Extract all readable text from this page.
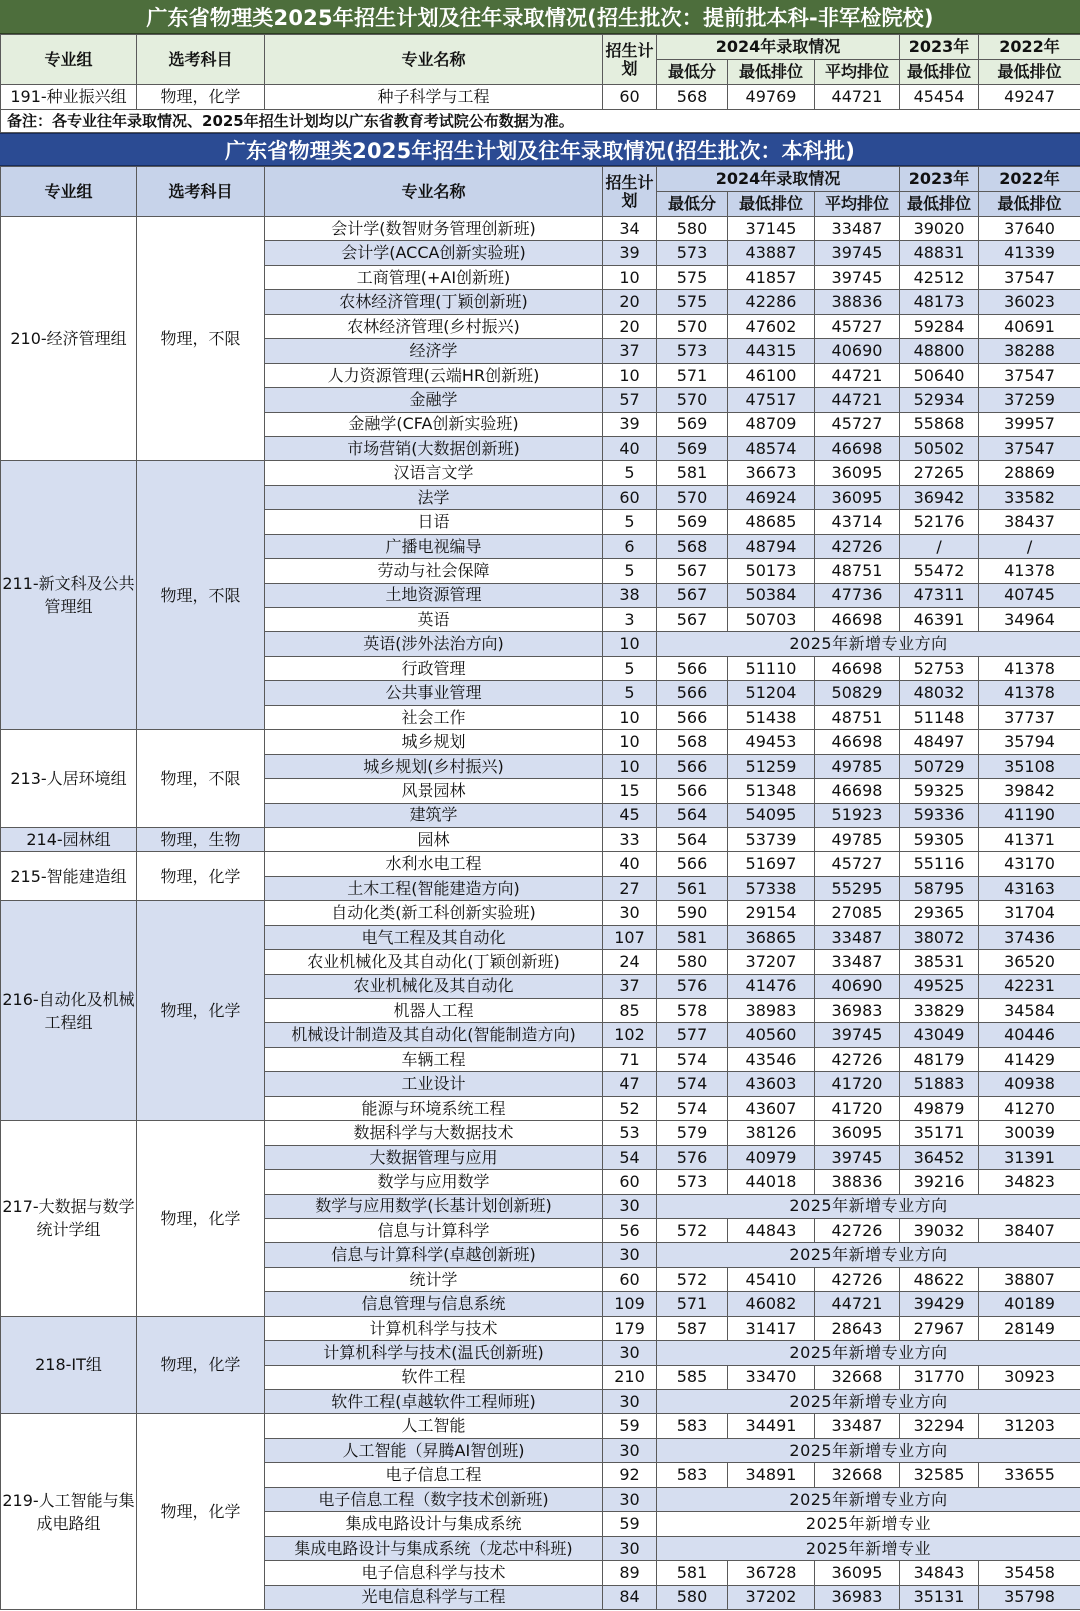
广东省物理类2025年招生计划及往年录取情况(招生批次：提前批本科-非军检院校)
专业组	选考科目	专业名称	招生计划	2024年录取情况			2023年	2022年
				最低分	最低排位	平均排位	最低排位	最低排位
191-种业振兴组	物理，化学	种子科学与工程	60	568	49769	44721	45454	49247
备注：各专业往年录取情况、2025年招生计划均以广东省教育考试院公布数据为准。								
广东省物理类2025年招生计划及往年录取情况(招生批次：本科批)
专业组	选考科目	专业名称	招生计划	2024年录取情况			2023年	2022年
				最低分	最低排位	平均排位	最低排位	最低排位
210-经济管理组	物理，不限	会计学(数智财务管理创新班)	34	580	37145	33487	39020	37640
		会计学(ACCA创新实验班)	39	573	43887	39745	48831	41339
		工商管理(+AI创新班)	10	575	41857	39745	42512	37547
		农林经济管理(丁颖创新班)	20	575	42286	38836	48173	36023
		农林经济管理(乡村振兴)	20	570	47602	45727	59284	40691
		经济学	37	573	44315	40690	48800	38288
		人力资源管理(云端HR创新班)	10	571	46100	44721	50640	37547
		金融学	57	570	47517	44721	52934	37259
		金融学(CFA创新实验班)	39	569	48709	45727	55868	39957
		市场营销(大数据创新班)	40	569	48574	46698	50502	37547
211-新文科及公共管理组	物理，不限	汉语言文学	5	581	36673	36095	27265	28869
		法学	60	570	46924	36095	36942	33582
		日语	5	569	48685	43714	52176	38437
		广播电视编导	6	568	48794	42726	/	/
		劳动与社会保障	5	567	50173	48751	55472	41378
		土地资源管理	38	567	50384	47736	47311	40745
		英语	3	567	50703	46698	46391	34964
		英语(涉外法治方向)	10	2025年新增专业方向				
		行政管理	5	566	51110	46698	52753	41378
		公共事业管理	5	566	51204	50829	48032	41378
		社会工作	10	566	51438	48751	51148	37737
213-人居环境组	物理，不限	城乡规划	10	568	49453	46698	48497	35794
		城乡规划(乡村振兴)	10	566	51259	49785	50729	35108
		风景园林	15	566	51348	46698	59325	39842
		建筑学	45	564	54095	51923	59336	41190
214-园林组	物理，生物	园林	33	564	53739	49785	59305	41371
215-智能建造组	物理，化学	水利水电工程	40	566	51697	45727	55116	43170
		土木工程(智能建造方向)	27	561	57338	55295	58795	43163
216-自动化及机械工程组	物理，化学	自动化类(新工科创新实验班)	30	590	29154	27085	29365	31704
		电气工程及其自动化	107	581	36865	33487	38072	37436
		农业机械化及其自动化(丁颖创新班)	24	580	37207	33487	38531	36520
		农业机械化及其自动化	37	576	41476	40690	49525	42231
		机器人工程	85	578	38983	36983	33829	34584
		机械设计制造及其自动化(智能制造方向)	102	577	40560	39745	43049	40446
		车辆工程	71	574	43546	42726	48179	41429
		工业设计	47	574	43603	41720	51883	40938
		能源与环境系统工程	52	574	43607	41720	49879	41270
217-大数据与数学统计学组	物理，化学	数据科学与大数据技术	53	579	38126	36095	35171	30039
		大数据管理与应用	54	576	40979	39745	36452	31391
		数学与应用数学	60	573	44018	38836	39216	34823
		数学与应用数学(长基计划创新班)	30	2025年新增专业方向				
		信息与计算科学	56	572	44843	42726	39032	38407
		信息与计算科学(卓越创新班)	30	2025年新增专业方向				
		统计学	60	572	45410	42726	48622	38807
		信息管理与信息系统	109	571	46082	44721	39429	40189
218-IT组	物理，化学	计算机科学与技术	179	587	31417	28643	27967	28149
		计算机科学与技术(温氏创新班)	30	2025年新增专业方向				
		软件工程	210	585	33470	32668	31770	30923
		软件工程(卓越软件工程师班)	30	2025年新增专业方向				
219-人工智能与集成电路组	物理，化学	人工智能	59	583	34491	33487	32294	31203
		人工智能（昇腾AI智创班)	30	2025年新增专业方向				
		电子信息工程	92	583	34891	32668	32585	33655
		电子信息工程（数字技术创新班)	30	2025年新增专业方向				
		集成电路设计与集成系统	59	2025年新增专业				
		集成电路设计与集成系统（龙芯中科班)	30	2025年新增专业				
		电子信息科学与技术	89	581	36728	36095	34843	35458
		光电信息科学与工程	84	580	37202	36983	35131	35798
